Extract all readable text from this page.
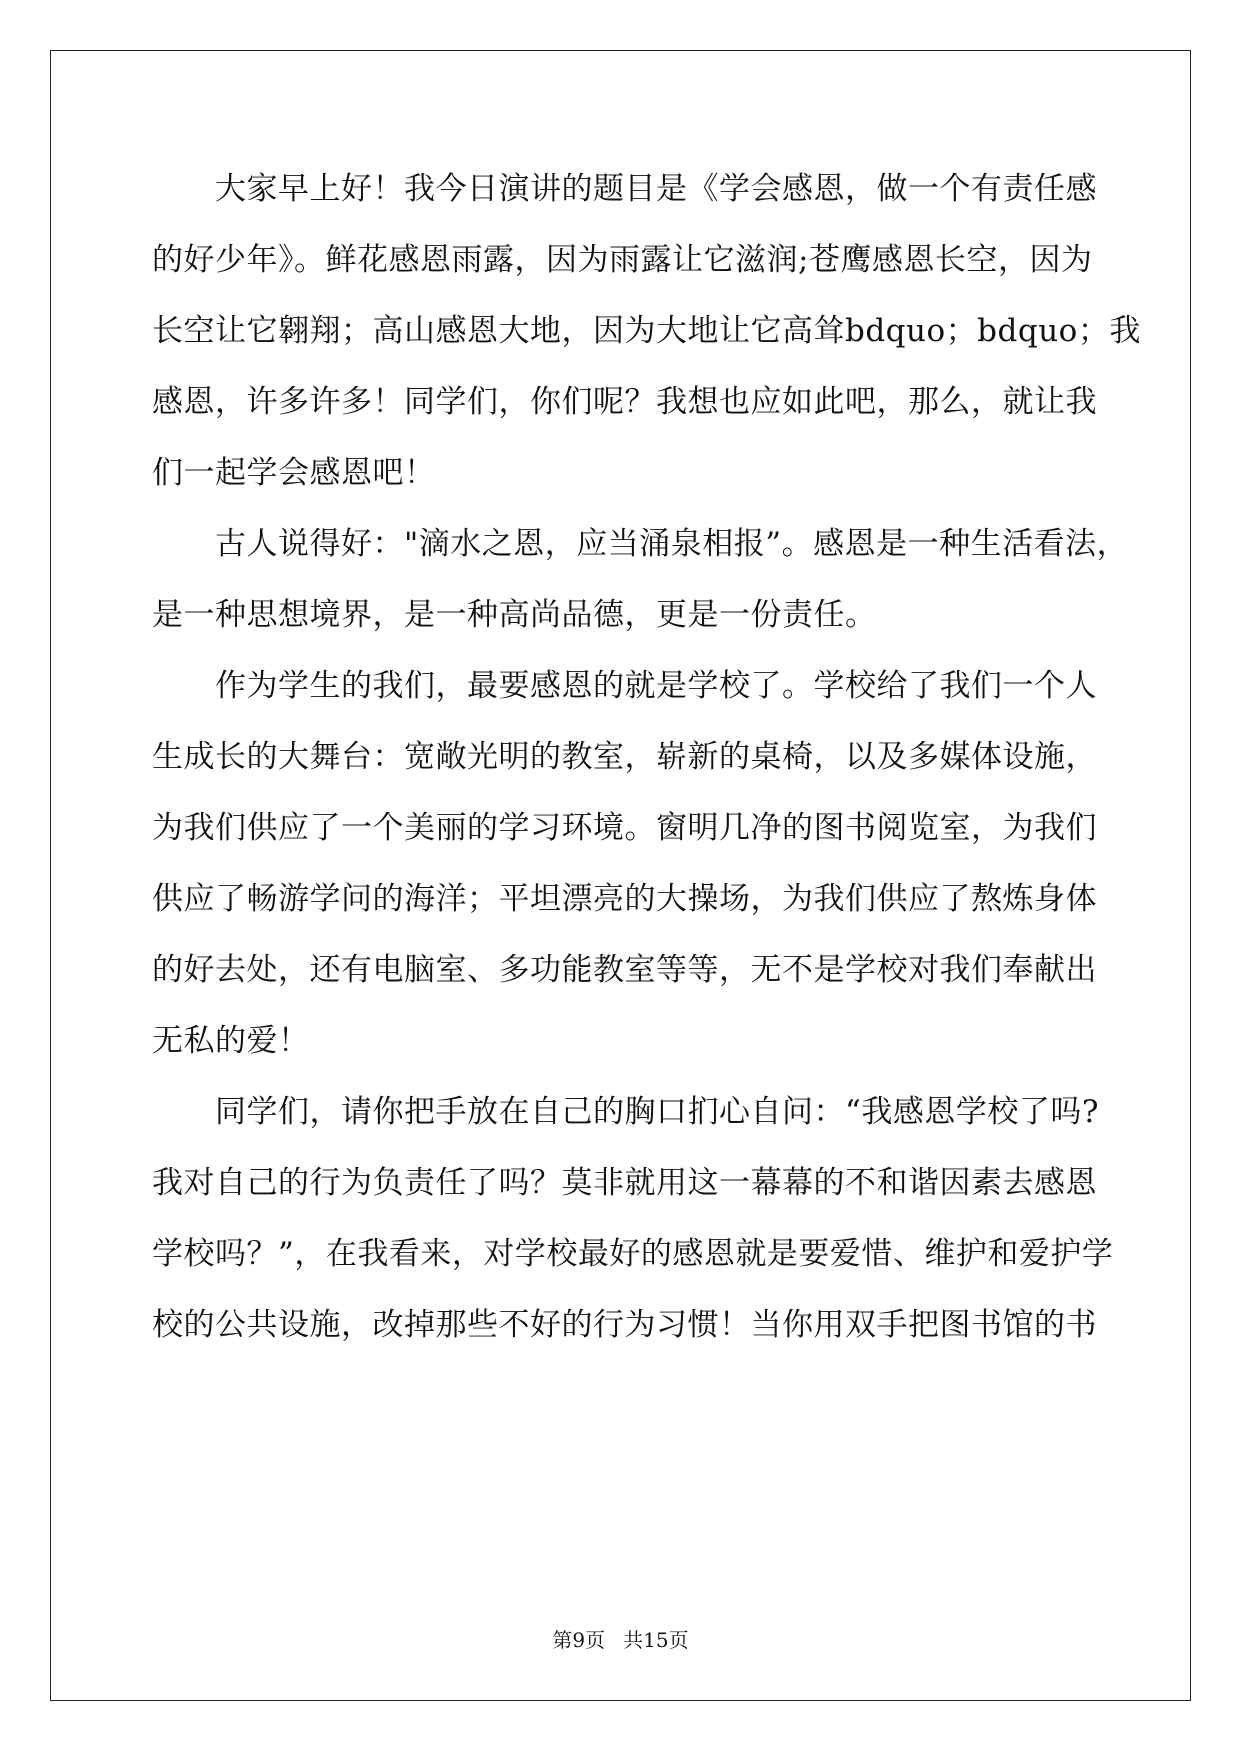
　　大家早上好！我今日演讲的题目是《学会感恩，做一个有责任感
的好少年》。鲜花感恩雨露，因为雨露让它滋润;苍鹰感恩长空，因为
长空让它翱翔；高山感恩大地，因为大地让它高耸bdquo；bdquo；我
感恩，许多许多！同学们，你们呢？我想也应如此吧，那么，就让我
们一起学会感恩吧！
　　古人说得好："滴水之恩，应当涌泉相报”。感恩是一种生活看法，
是一种思想境界，是一种高尚品德，更是一份责任。
　　作为学生的我们，最要感恩的就是学校了。学校给了我们一个人
生成长的大舞台：宽敞光明的教室，崭新的桌椅，以及多媒体设施，
为我们供应了一个美丽的学习环境。窗明几净的图书阅览室，为我们
供应了畅游学问的海洋；平坦漂亮的大操场，为我们供应了熬炼身体
的好去处，还有电脑室、多功能教室等等，无不是学校对我们奉献出
无私的爱！
　　同学们，请你把手放在自己的胸口扪心自问：“我感恩学校了吗?
我对自己的行为负责任了吗？莫非就用这一幕幕的不和谐因素去感恩
学校吗？”，在我看来，对学校最好的感恩就是要爱惜、维护和爱护学
校的公共设施，改掉那些不好的行为习惯！当你用双手把图书馆的书
第9页 共15页
